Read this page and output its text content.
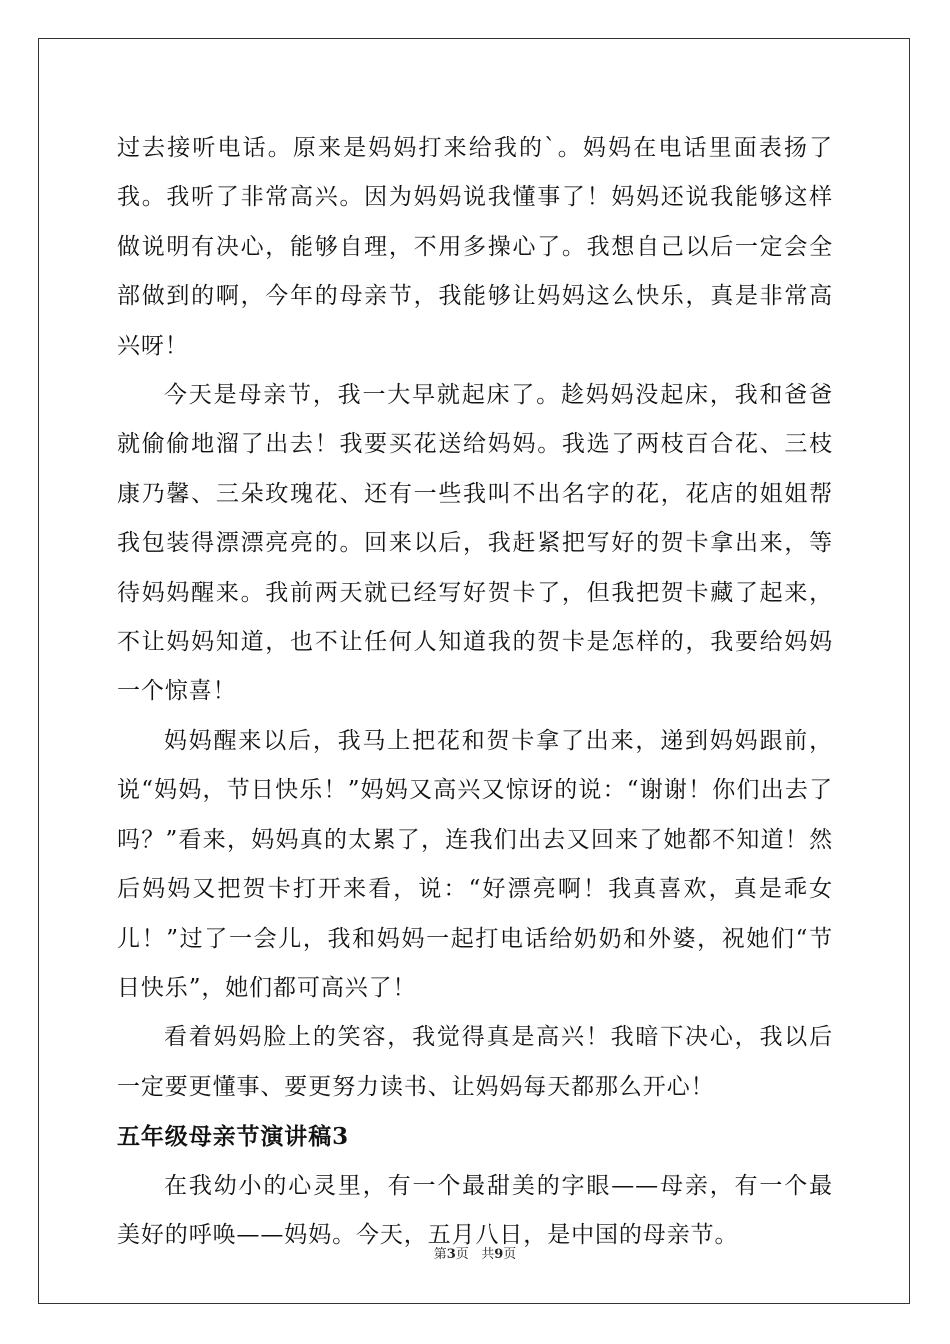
过去接听电话。原来是妈妈打来给我的`。妈妈在电话里面表扬了我。我听了非常高兴。因为妈妈说我懂事了！妈妈还说我能够这样做说明有决心，能够自理，不用多操心了。我想自己以后一定会全部做到的啊，今年的母亲节，我能够让妈妈这么快乐，真是非常高兴呀！

今天是母亲节，我一大早就起床了。趁妈妈没起床，我和爸爸就偷偷地溜了出去！我要买花送给妈妈。我选了两枝百合花、三枝康乃馨、三朵玫瑰花、还有一些我叫不出名字的花，花店的姐姐帮我包装得漂漂亮亮的。回来以后，我赶紧把写好的贺卡拿出来，等待妈妈醒来。我前两天就已经写好贺卡了，但我把贺卡藏了起来，不让妈妈知道，也不让任何人知道我的贺卡是怎样的，我要给妈妈一个惊喜！

妈妈醒来以后，我马上把花和贺卡拿了出来，递到妈妈跟前，说“妈妈，节日快乐！”妈妈又高兴又惊讶的说：“谢谢！你们出去了吗？”看来，妈妈真的太累了，连我们出去又回来了她都不知道！然后妈妈又把贺卡打开来看，说：“好漂亮啊！我真喜欢，真是乖女儿！”过了一会儿，我和妈妈一起打电话给奶奶和外婆，祝她们“节日快乐”，她们都可高兴了！

看着妈妈脸上的笑容，我觉得真是高兴！我暗下决心，我以后一定要更懂事、要更努力读书、让妈妈每天都那么开心！

五年级母亲节演讲稿3

在我幼小的心灵里，有一个最甜美的字眼——母亲，有一个最美好的呼唤——妈妈。今天，五月八日，是中国的母亲节。

第3页 共9页
